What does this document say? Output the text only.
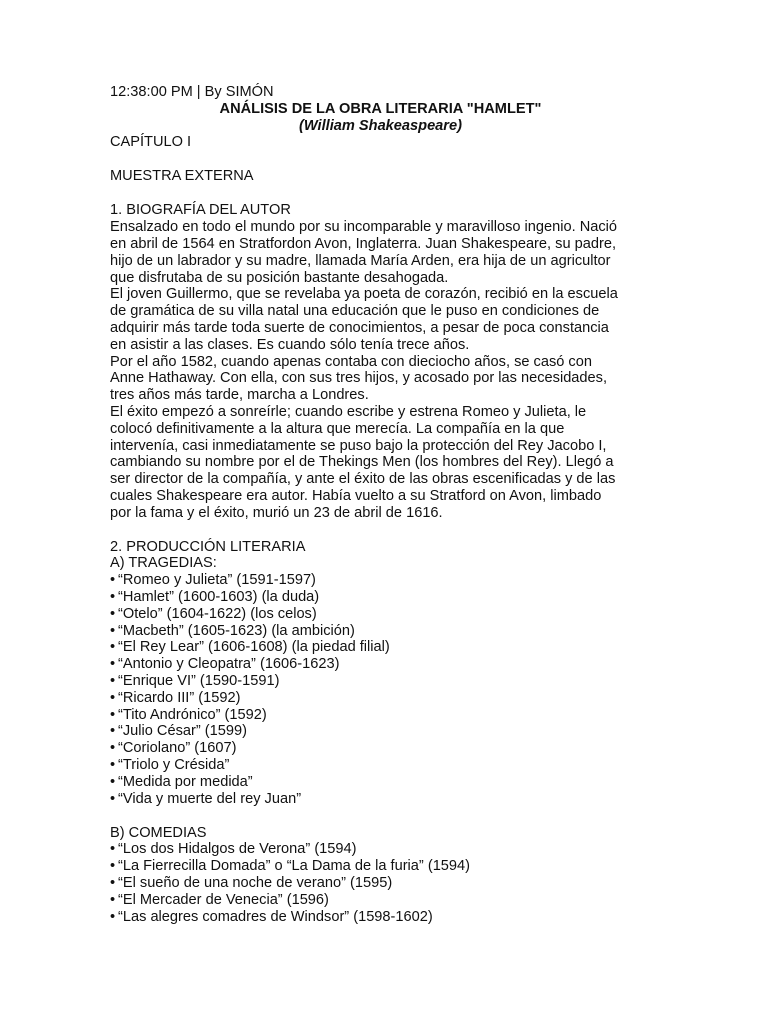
12:38:00 PM | By SIMÓN

ANÁLISIS DE LA OBRA LITERARIA "HAMLET"

(William Shakeaspeare)

CAPÍTULO I

MUESTRA EXTERNA

1. BIOGRAFÍA DEL AUTOR

Ensalzado en todo el mundo por su incomparable y maravilloso ingenio. Nació

en abril de 1564 en Stratfordon Avon, Inglaterra. Juan Shakespeare, su padre,

hijo de un labrador y su madre, llamada María Arden, era hija de un agricultor

que disfrutaba de su posición bastante desahogada.

El joven Guillermo, que se revelaba ya poeta de corazón, recibió en la escuela

de gramática de su villa natal una educación que le puso en condiciones de

adquirir más tarde toda suerte de conocimientos, a pesar de poca constancia

en asistir a las clases. Es cuando sólo tenía trece años.

Por el año 1582, cuando apenas contaba con dieciocho años, se casó con

Anne Hathaway. Con ella, con sus tres hijos, y acosado por las necesidades,

tres años más tarde, marcha a Londres.

El éxito empezó a sonreírle; cuando escribe y estrena Romeo y Julieta, le

colocó definitivamente a la altura que merecía. La compañía en la que

intervenía, casi inmediatamente se puso bajo la protección del Rey Jacobo I,

cambiando su nombre por el de Thekings Men (los hombres del Rey). Llegó a

ser director de la compañía, y ante el éxito de las obras escenificadas y de las

cuales Shakespeare era autor. Había vuelto a su Stratford on Avon, limbado

por la fama y el éxito, murió un 23 de abril de 1616.

2. PRODUCCIÓN LITERARIA

A) TRAGEDIAS:

• “Romeo y Julieta” (1591-1597)
• “Hamlet” (1600-1603) (la duda)
• “Otelo” (1604-1622) (los celos)
• “Macbeth” (1605-1623) (la ambición)
• “El Rey Lear” (1606-1608) (la piedad filial)
• “Antonio y Cleopatra” (1606-1623)
• “Enrique VI” (1590-1591)
• “Ricardo III” (1592)
• “Tito Andrónico” (1592)
• “Julio César” (1599)
• “Coriolano” (1607)
• “Triolo y Crésida”
• “Medida por medida”
• “Vida y muerte del rey Juan”

B) COMEDIAS

• “Los dos Hidalgos de Verona” (1594)
• “La Fierrecilla Domada” o “La Dama de la furia” (1594)
• “El sueño de una noche de verano” (1595)
• “El Mercader de Venecia” (1596)
• “Las alegres comadres de Windsor” (1598-1602)
